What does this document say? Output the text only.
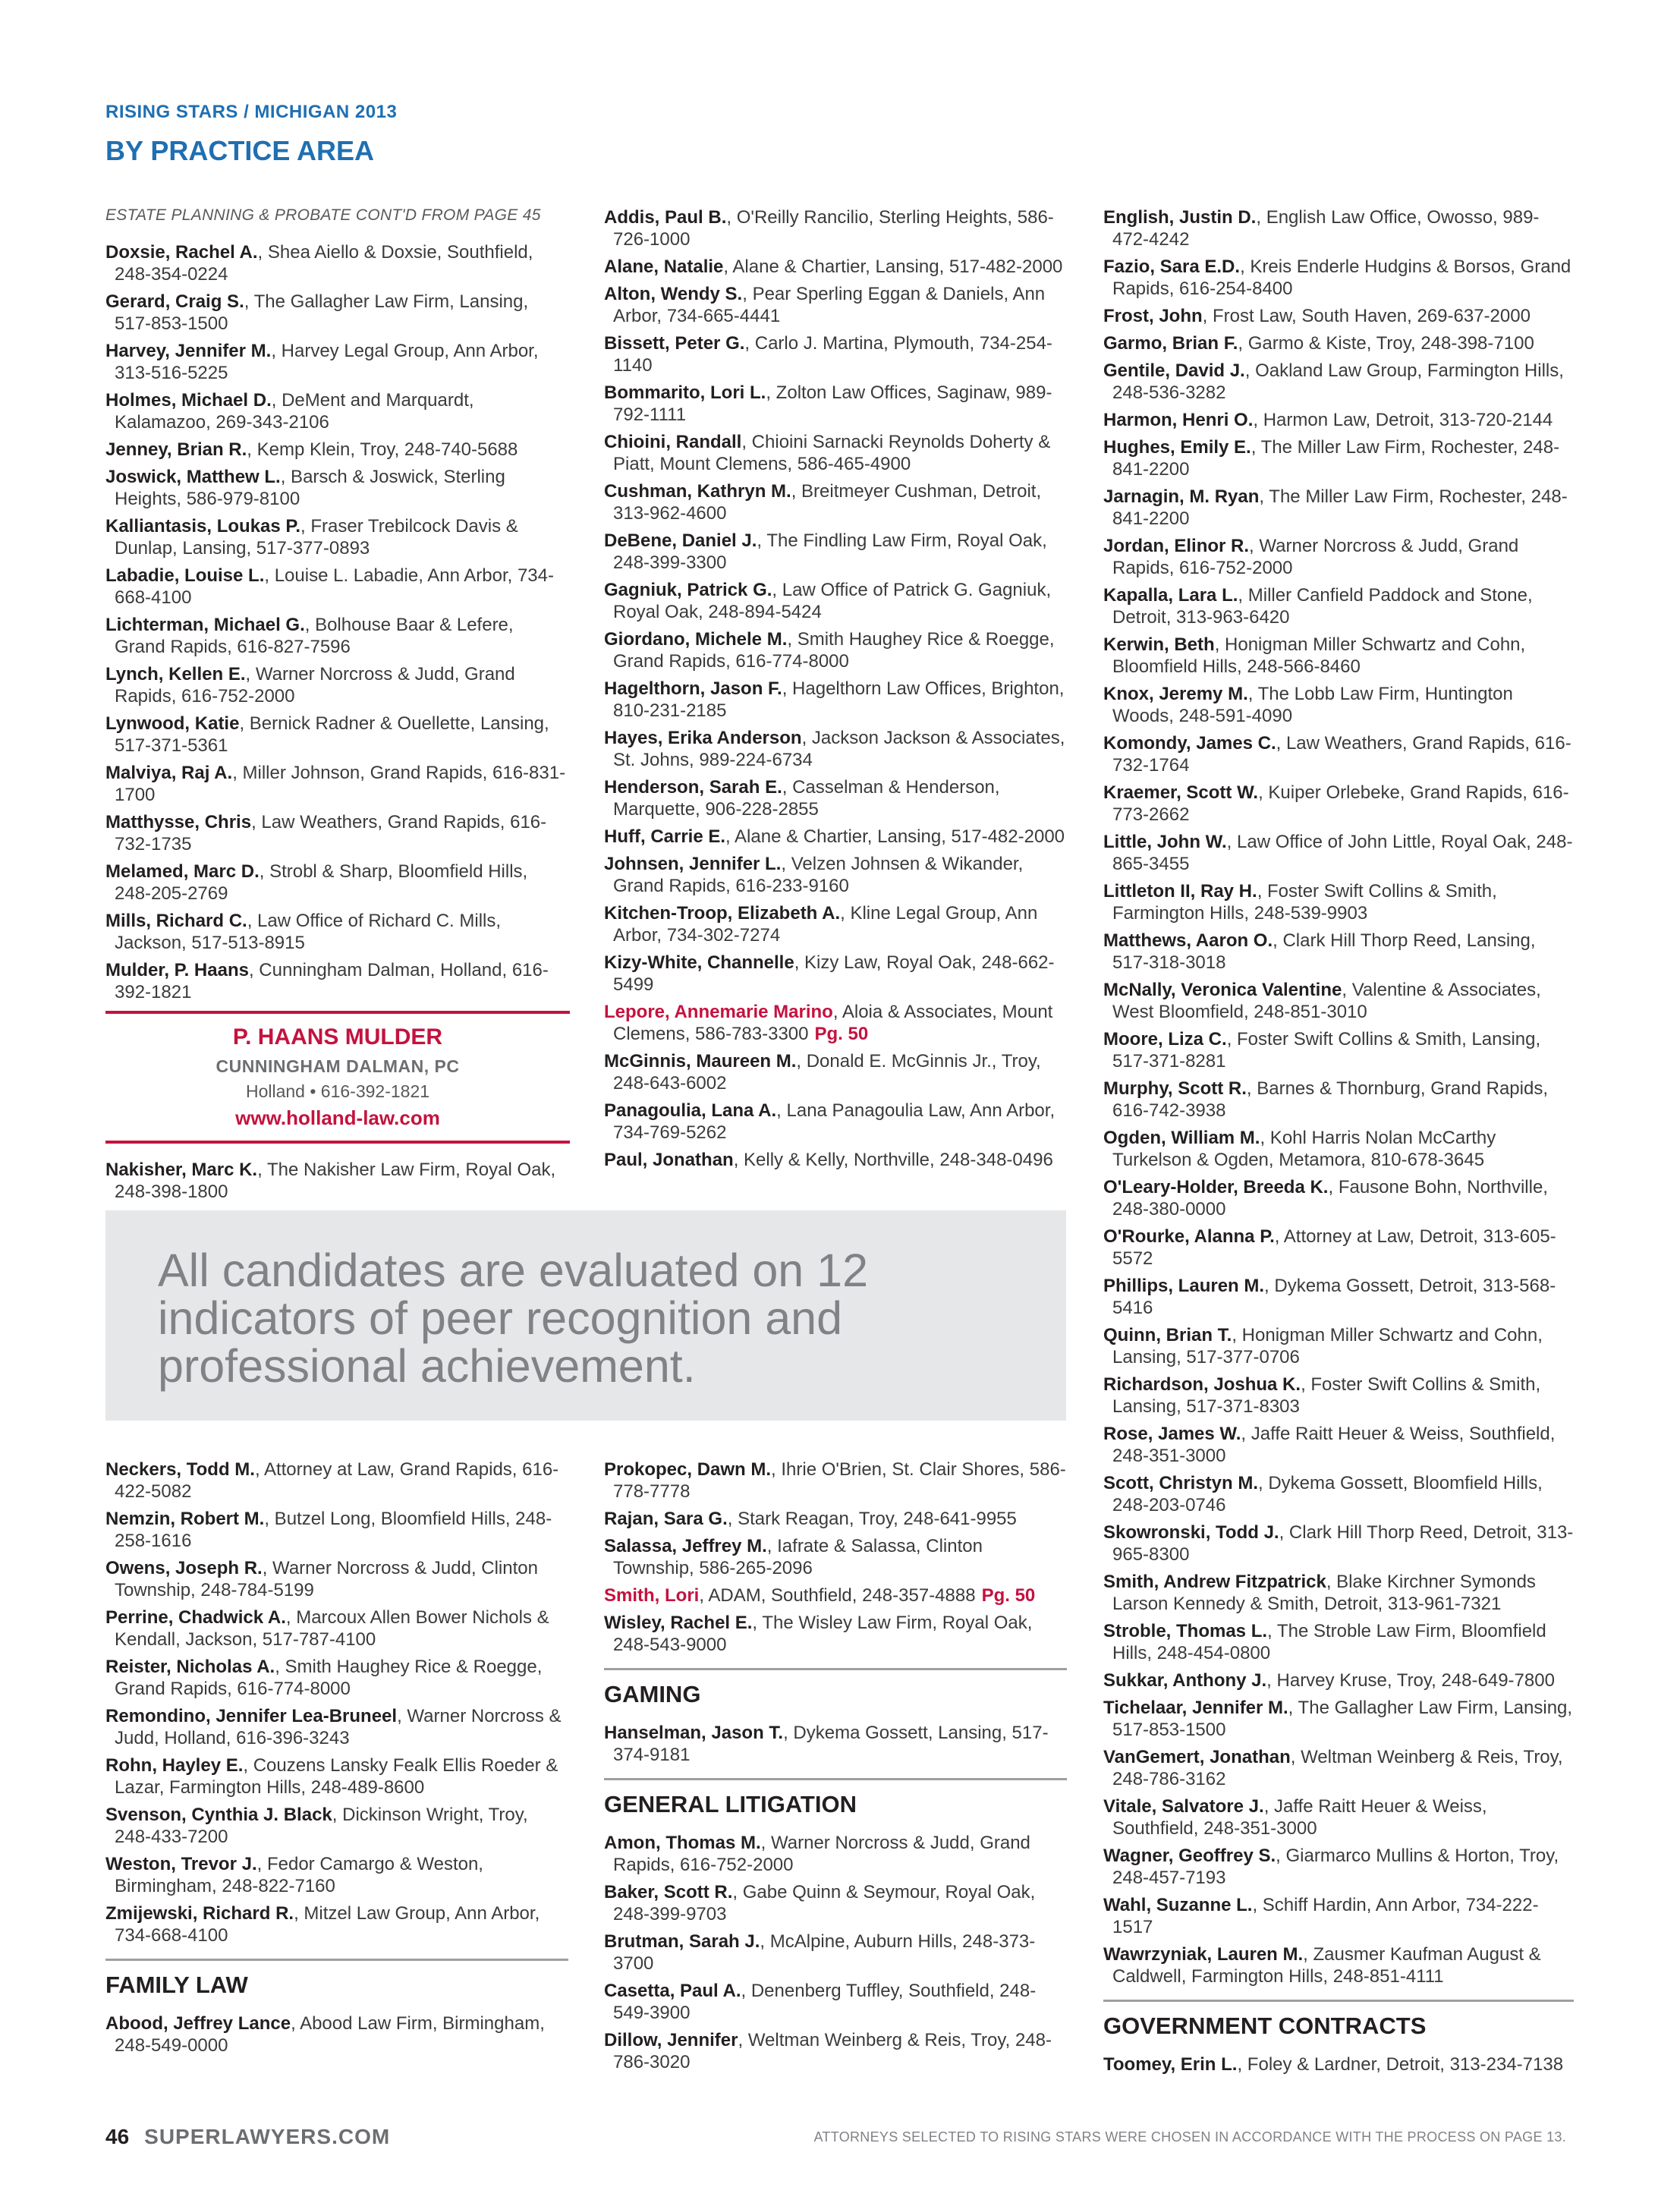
RISING STARS / MICHIGAN 2013
BY PRACTICE AREA
ESTATE PLANNING & PROBATE CONT'D FROM PAGE 45
Doxsie, Rachel A., Shea Aiello & Doxsie, Southfield, 248-354-0224
Gerard, Craig S., The Gallagher Law Firm, Lansing, 517-853-1500
Harvey, Jennifer M., Harvey Legal Group, Ann Arbor, 313-516-5225
Holmes, Michael D., DeMent and Marquardt, Kalamazoo, 269-343-2106
Jenney, Brian R., Kemp Klein, Troy, 248-740-5688
Joswick, Matthew L., Barsch & Joswick, Sterling Heights, 586-979-8100
Kalliantasis, Loukas P., Fraser Trebilcock Davis & Dunlap, Lansing, 517-377-0893
Labadie, Louise L., Louise L. Labadie, Ann Arbor, 734-668-4100
Lichterman, Michael G., Bolhouse Baar & Lefere, Grand Rapids, 616-827-7596
Lynch, Kellen E., Warner Norcross & Judd, Grand Rapids, 616-752-2000
Lynwood, Katie, Bernick Radner & Ouellette, Lansing, 517-371-5361
Malviya, Raj A., Miller Johnson, Grand Rapids, 616-831-1700
Matthysse, Chris, Law Weathers, Grand Rapids, 616-732-1735
Melamed, Marc D., Strobl & Sharp, Bloomfield Hills, 248-205-2769
Mills, Richard C., Law Office of Richard C. Mills, Jackson, 517-513-8915
Mulder, P. Haans, Cunningham Dalman, Holland, 616-392-1821
P. HAANS MULDER
CUNNINGHAM DALMAN, PC
Holland • 616-392-1821
www.holland-law.com
Nakisher, Marc K., The Nakisher Law Firm, Royal Oak, 248-398-1800
Addis, Paul B., O'Reilly Rancilio, Sterling Heights, 586-726-1000
Alane, Natalie, Alane & Chartier, Lansing, 517-482-2000
Alton, Wendy S., Pear Sperling Eggan & Daniels, Ann Arbor, 734-665-4441
Bissett, Peter G., Carlo J. Martina, Plymouth, 734-254-1140
Bommarito, Lori L., Zolton Law Offices, Saginaw, 989-792-1111
Chioini, Randall, Chioini Sarnacki Reynolds Doherty & Piatt, Mount Clemens, 586-465-4900
Cushman, Kathryn M., Breitmeyer Cushman, Detroit, 313-962-4600
DeBene, Daniel J., The Findling Law Firm, Royal Oak, 248-399-3300
Gagniuk, Patrick G., Law Office of Patrick G. Gagniuk, Royal Oak, 248-894-5424
Giordano, Michele M., Smith Haughey Rice & Roegge, Grand Rapids, 616-774-8000
Hagelthorn, Jason F., Hagelthorn Law Offices, Brighton, 810-231-2185
Hayes, Erika Anderson, Jackson Jackson & Associates, St. Johns, 989-224-6734
Henderson, Sarah E., Casselman & Henderson, Marquette, 906-228-2855
Huff, Carrie E., Alane & Chartier, Lansing, 517-482-2000
Johnsen, Jennifer L., Velzen Johnsen & Wikander, Grand Rapids, 616-233-9160
Kitchen-Troop, Elizabeth A., Kline Legal Group, Ann Arbor, 734-302-7274
Kizy-White, Channelle, Kizy Law, Royal Oak, 248-662-5499
Lepore, Annemarie Marino, Aloia & Associates, Mount Clemens, 586-783-3300 Pg. 50
McGinnis, Maureen M., Donald E. McGinnis Jr., Troy, 248-643-6002
Panagoulia, Lana A., Lana Panagoulia Law, Ann Arbor, 734-769-5262
Paul, Jonathan, Kelly & Kelly, Northville, 248-348-0496
English, Justin D., English Law Office, Owosso, 989-472-4242
Fazio, Sara E.D., Kreis Enderle Hudgins & Borsos, Grand Rapids, 616-254-8400
Frost, John, Frost Law, South Haven, 269-637-2000
Garmo, Brian F., Garmo & Kiste, Troy, 248-398-7100
Gentile, David J., Oakland Law Group, Farmington Hills, 248-536-3282
Harmon, Henri O., Harmon Law, Detroit, 313-720-2144
Hughes, Emily E., The Miller Law Firm, Rochester, 248-841-2200
Jarnagin, M. Ryan, The Miller Law Firm, Rochester, 248-841-2200
Jordan, Elinor R., Warner Norcross & Judd, Grand Rapids, 616-752-2000
Kapalla, Lara L., Miller Canfield Paddock and Stone, Detroit, 313-963-6420
Kerwin, Beth, Honigman Miller Schwartz and Cohn, Bloomfield Hills, 248-566-8460
Knox, Jeremy M., The Lobb Law Firm, Huntington Woods, 248-591-4090
Komondy, James C., Law Weathers, Grand Rapids, 616-732-1764
Kraemer, Scott W., Kuiper Orlebeke, Grand Rapids, 616-773-2662
Little, John W., Law Office of John Little, Royal Oak, 248-865-3455
Littleton II, Ray H., Foster Swift Collins & Smith, Farmington Hills, 248-539-9903
Matthews, Aaron O., Clark Hill Thorp Reed, Lansing, 517-318-3018
McNally, Veronica Valentine, Valentine & Associates, West Bloomfield, 248-851-3010
Moore, Liza C., Foster Swift Collins & Smith, Lansing, 517-371-8281
Murphy, Scott R., Barnes & Thornburg, Grand Rapids, 616-742-3938
Ogden, William M., Kohl Harris Nolan McCarthy Turkelson & Ogden, Metamora, 810-678-3645
O'Leary-Holder, Breeda K., Fausone Bohn, Northville, 248-380-0000
O'Rourke, Alanna P., Attorney at Law, Detroit, 313-605-5572
Phillips, Lauren M., Dykema Gossett, Detroit, 313-568-5416
Quinn, Brian T., Honigman Miller Schwartz and Cohn, Lansing, 517-377-0706
Richardson, Joshua K., Foster Swift Collins & Smith, Lansing, 517-371-8303
Rose, James W., Jaffe Raitt Heuer & Weiss, Southfield, 248-351-3000
Scott, Christyn M., Dykema Gossett, Bloomfield Hills, 248-203-0746
Skowronski, Todd J., Clark Hill Thorp Reed, Detroit, 313-965-8300
Smith, Andrew Fitzpatrick, Blake Kirchner Symonds Larson Kennedy & Smith, Detroit, 313-961-7321
Stroble, Thomas L., The Stroble Law Firm, Bloomfield Hills, 248-454-0800
Sukkar, Anthony J., Harvey Kruse, Troy, 248-649-7800
Tichelaar, Jennifer M., The Gallagher Law Firm, Lansing, 517-853-1500
VanGemert, Jonathan, Weltman Weinberg & Reis, Troy, 248-786-3162
Vitale, Salvatore J., Jaffe Raitt Heuer & Weiss, Southfield, 248-351-3000
Wagner, Geoffrey S., Giarmarco Mullins & Horton, Troy, 248-457-7193
Wahl, Suzanne L., Schiff Hardin, Ann Arbor, 734-222-1517
Wawrzyniak, Lauren M., Zausmer Kaufman August & Caldwell, Farmington Hills, 248-851-4111
GOVERNMENT CONTRACTS
Toomey, Erin L., Foley & Lardner, Detroit, 313-234-7138
All candidates are evaluated on 12 indicators of peer recognition and professional achievement.
Neckers, Todd M., Attorney at Law, Grand Rapids, 616-422-5082
Nemzin, Robert M., Butzel Long, Bloomfield Hills, 248-258-1616
Owens, Joseph R., Warner Norcross & Judd, Clinton Township, 248-784-5199
Perrine, Chadwick A., Marcoux Allen Bower Nichols & Kendall, Jackson, 517-787-4100
Reister, Nicholas A., Smith Haughey Rice & Roegge, Grand Rapids, 616-774-8000
Remondino, Jennifer Lea-Bruneel, Warner Norcross & Judd, Holland, 616-396-3243
Rohn, Hayley E., Couzens Lansky Fealk Ellis Roeder & Lazar, Farmington Hills, 248-489-8600
Svenson, Cynthia J. Black, Dickinson Wright, Troy, 248-433-7200
Weston, Trevor J., Fedor Camargo & Weston, Birmingham, 248-822-7160
Zmijewski, Richard R., Mitzel Law Group, Ann Arbor, 734-668-4100
FAMILY LAW
Abood, Jeffrey Lance, Abood Law Firm, Birmingham, 248-549-0000
Prokopec, Dawn M., Ihrie O'Brien, St. Clair Shores, 586-778-7778
Rajan, Sara G., Stark Reagan, Troy, 248-641-9955
Salassa, Jeffrey M., Iafrate & Salassa, Clinton Township, 586-265-2096
Smith, Lori, ADAM, Southfield, 248-357-4888 Pg. 50
Wisley, Rachel E., The Wisley Law Firm, Royal Oak, 248-543-9000
GAMING
Hanselman, Jason T., Dykema Gossett, Lansing, 517-374-9181
GENERAL LITIGATION
Amon, Thomas M., Warner Norcross & Judd, Grand Rapids, 616-752-2000
Baker, Scott R., Gabe Quinn & Seymour, Royal Oak, 248-399-9703
Brutman, Sarah J., McAlpine, Auburn Hills, 248-373-3700
Casetta, Paul A., Denenberg Tuffley, Southfield, 248-549-3900
Dillow, Jennifer, Weltman Weinberg & Reis, Troy, 248-786-3020
46 SUPERLAWYERS.COM	ATTORNEYS SELECTED TO RISING STARS WERE CHOSEN IN ACCORDANCE WITH THE PROCESS ON PAGE 13.
